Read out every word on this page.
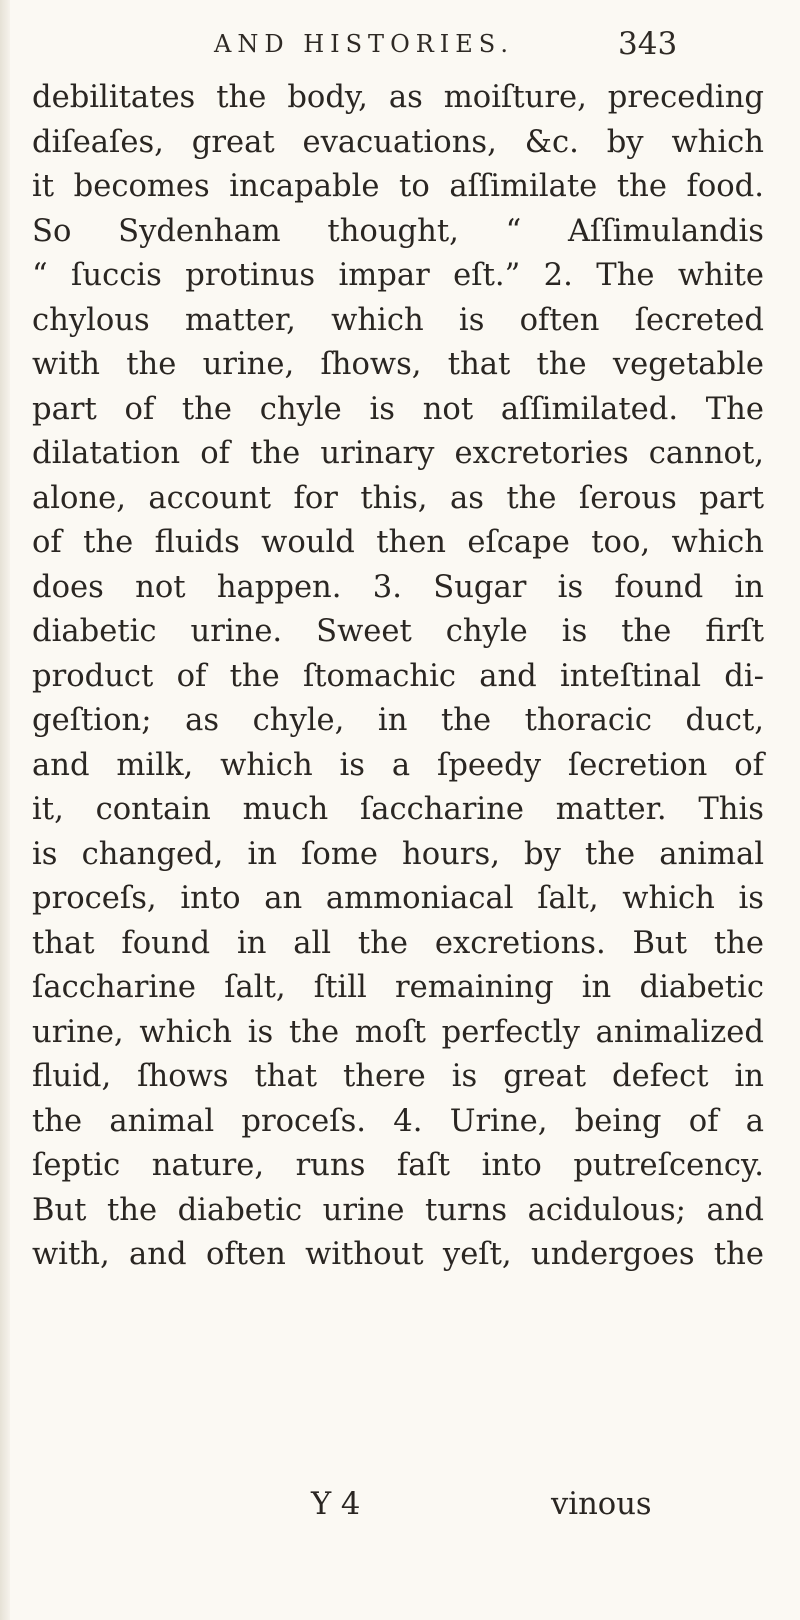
AND HISTORIES.	343
debilitates the body, as moiſture, preceding
diſeaſes, great evacuations, &c. by which
it becomes incapable to aſſimilate the food.
So Sydenham thought, “ Aſſimulandis
“ ſuccis protinus impar eſt.” 2. The white
chylous matter, which is often ſecreted
with the urine, ſhows, that the vegetable
part of the chyle is not aſſimilated. The
dilatation of the urinary excretories cannot,
alone, account for this, as the ſerous part
of the fluids would then eſcape too, which
does not happen. 3. Sugar is found in
diabetic urine. Sweet chyle is the firſt
product of the ſtomachic and inteſtinal di-
geſtion; as chyle, in the thoracic duct,
and milk, which is a ſpeedy ſecretion of
it, contain much ſaccharine matter. This
is changed, in ſome hours, by the animal
proceſs, into an ammoniacal ſalt, which is
that found in all the excretions. But the
ſaccharine ſalt, ſtill remaining in diabetic
urine, which is the moſt perfectly animalized
fluid, ſhows that there is great defect in
the animal proceſs. 4. Urine, being of a
ſeptic nature, runs faſt into putreſcency.
But the diabetic urine turns acidulous; and
with, and often without yeſt, undergoes the
Y 4	vinous
